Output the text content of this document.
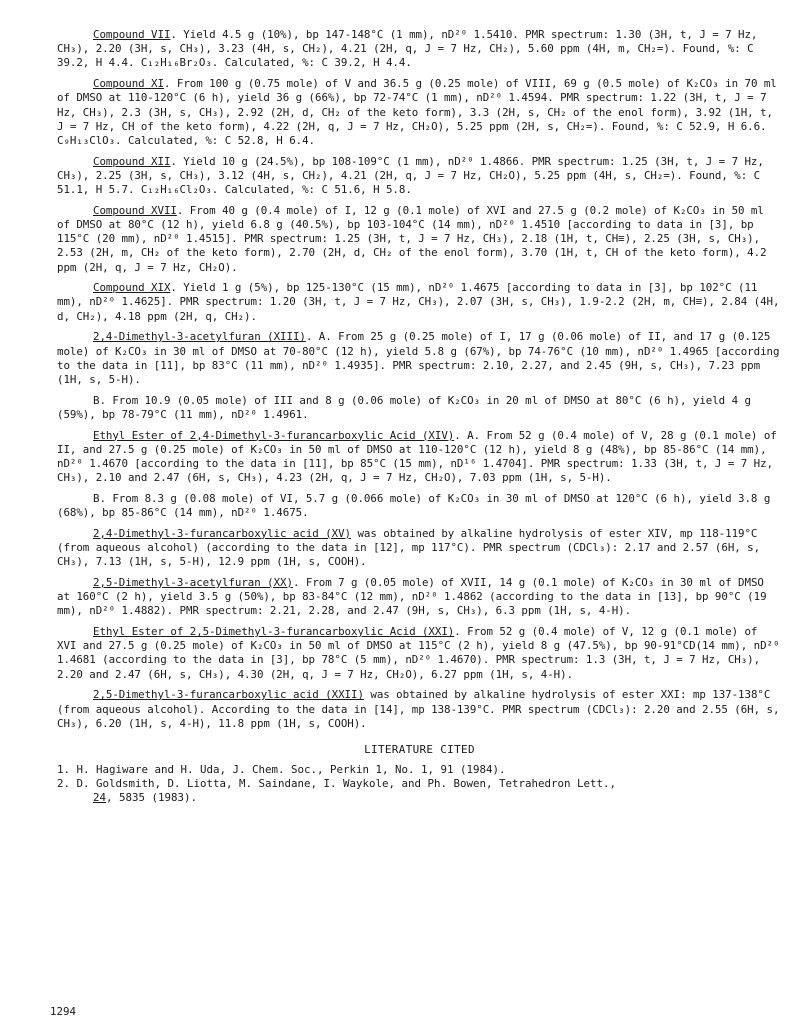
Compound VII. Yield 4.5 g (10%), bp 147-148°C (1 mm), nD²⁰ 1.5410. PMR spectrum: 1.30 (3H, t, J = 7 Hz, CH₃), 2.20 (3H, s, CH₃), 3.23 (4H, s, CH₂), 4.21 (2H, q, J = 7 Hz, CH₂), 5.60 ppm (4H, m, CH₂=). Found, %: C 39.2, H 4.4. C₁₂H₁₆Br₂O₃. Calculated, %: C 39.2, H 4.4.

Compound XI. From 100 g (0.75 mole) of V and 36.5 g (0.25 mole) of VIII, 69 g (0.5 mole) of K₂CO₃ in 70 ml of DMSO at 110-120°C (6 h), yield 36 g (66%), bp 72-74°C (1 mm), nD²⁰ 1.4594. PMR spectrum: 1.22 (3H, t, J = 7 Hz, CH₃), 2.3 (3H, s, CH₃), 2.92 (2H, d, CH₂ of the keto form), 3.3 (2H, s, CH₂ of the enol form), 3.92 (1H, t, J = 7 Hz, CH of the keto form), 4.22 (2H, q, J = 7 Hz, CH₂O), 5.25 ppm (2H, s, CH₂=). Found, %: C 52.9, H 6.6. C₉H₁₃ClO₃. Calculated, %: C 52.8, H 6.4.

Compound XII. Yield 10 g (24.5%), bp 108-109°C (1 mm), nD²⁰ 1.4866. PMR spectrum: 1.25 (3H, t, J = 7 Hz, CH₃), 2.25 (3H, s, CH₃), 3.12 (4H, s, CH₂), 4.21 (2H, q, J = 7 Hz, CH₂O), 5.25 ppm (4H, s, CH₂=). Found, %: C 51.1, H 5.7. C₁₂H₁₆Cl₂O₃. Calculated, %: C 51.6, H 5.8.

Compound XVII. From 40 g (0.4 mole) of I, 12 g (0.1 mole) of XVI and 27.5 g (0.2 mole) of K₂CO₃ in 50 ml of DMSO at 80°C (12 h), yield 6.8 g (40.5%), bp 103-104°C (14 mm), nD²⁰ 1.4510 [according to data in [3], bp 115°C (20 mm), nD²⁰ 1.4515]. PMR spectrum: 1.25 (3H, t, J = 7 Hz, CH₃), 2.18 (1H, t, CH≡), 2.25 (3H, s, CH₃), 2.53 (2H, m, CH₂ of the keto form), 2.70 (2H, d, CH₂ of the enol form), 3.70 (1H, t, CH of the keto form), 4.2 ppm (2H, q, J = 7 Hz, CH₂O).

Compound XIX. Yield 1 g (5%), bp 125-130°C (15 mm), nD²⁰ 1.4675 [according to data in [3], bp 102°C (11 mm), nD²⁰ 1.4625]. PMR spectrum: 1.20 (3H, t, J = 7 Hz, CH₃), 2.07 (3H, s, CH₃), 1.9-2.2 (2H, m, CH≡), 2.84 (4H, d, CH₂), 4.18 ppm (2H, q, CH₂).

2,4-Dimethyl-3-acetylfuran (XIII). A. From 25 g (0.25 mole) of I, 17 g (0.06 mole) of II, and 17 g (0.125 mole) of K₂CO₃ in 30 ml of DMSO at 70-80°C (12 h), yield 5.8 g (67%), bp 74-76°C (10 mm), nD²⁰ 1.4965 [according to the data in [11], bp 83°C (11 mm), nD²⁰ 1.4935]. PMR spectrum: 2.10, 2.27, and 2.45 (9H, s, CH₃), 7.23 ppm (1H, s, 5-H).

B. From 10.9 (0.05 mole) of III and 8 g (0.06 mole) of K₂CO₃ in 20 ml of DMSO at 80°C (6 h), yield 4 g (59%), bp 78-79°C (11 mm), nD²⁰ 1.4961.

Ethyl Ester of 2,4-Dimethyl-3-furancarboxylic Acid (XIV). A. From 52 g (0.4 mole) of V, 28 g (0.1 mole) of II, and 27.5 g (0.25 mole) of K₂CO₃ in 50 ml of DMSO at 110-120°C (12 h), yield 8 g (48%), bp 85-86°C (14 mm), nD²⁰ 1.4670 [according to the data in [11], bp 85°C (15 mm), nD¹⁶ 1.4704]. PMR spectrum: 1.33 (3H, t, J = 7 Hz, CH₃), 2.10 and 2.47 (6H, s, CH₃), 4.23 (2H, q, J = 7 Hz, CH₂O), 7.03 ppm (1H, s, 5-H).

B. From 8.3 g (0.08 mole) of VI, 5.7 g (0.066 mole) of K₂CO₃ in 30 ml of DMSO at 120°C (6 h), yield 3.8 g (68%), bp 85-86°C (14 mm), nD²⁰ 1.4675.

2,4-Dimethyl-3-furancarboxylic acid (XV) was obtained by alkaline hydrolysis of ester XIV, mp 118-119°C (from aqueous alcohol) (according to the data in [12], mp 117°C). PMR spectrum (CDCl₃): 2.17 and 2.57 (6H, s, CH₃), 7.13 (1H, s, 5-H), 12.9 ppm (1H, s, COOH).

2,5-Dimethyl-3-acetylfuran (XX). From 7 g (0.05 mole) of XVII, 14 g (0.1 mole) of K₂CO₃ in 30 ml of DMSO at 160°C (2 h), yield 3.5 g (50%), bp 83-84°C (12 mm), nD²⁰ 1.4862 (according to the data in [13], bp 90°C (19 mm), nD²⁰ 1.4882). PMR spectrum: 2.21, 2.28, and 2.47 (9H, s, CH₃), 6.3 ppm (1H, s, 4-H).

Ethyl Ester of 2,5-Dimethyl-3-furancarboxylic Acid (XXI). From 52 g (0.4 mole) of V, 12 g (0.1 mole) of XVI and 27.5 g (0.25 mole) of K₂CO₃ in 50 ml of DMSO at 115°C (2 h), yield 8 g (47.5%), bp 90-91°CD(14 mm), nD²⁰ 1.4681 (according to the data in [3], bp 78°C (5 mm), nD²⁰ 1.4670). PMR spectrum: 1.3 (3H, t, J = 7 Hz, CH₃), 2.20 and 2.47 (6H, s, CH₃), 4.30 (2H, q, J = 7 Hz, CH₂O), 6.27 ppm (1H, s, 4-H).

2,5-Dimethyl-3-furancarboxylic acid (XXII) was obtained by alkaline hydrolysis of ester XXI: mp 137-138°C (from aqueous alcohol). According to the data in [14], mp 138-139°C. PMR spectrum (CDCl₃): 2.20 and 2.55 (6H, s, CH₃), 6.20 (1H, s, 4-H), 11.8 ppm (1H, s, COOH).

LITERATURE CITED

1. H. Hagiware and H. Uda, J. Chem. Soc., Perkin 1, No. 1, 91 (1984).

2. D. Goldsmith, D. Liotta, M. Saindane, I. Waykole, and Ph. Bowen, Tetrahedron Lett.,
24, 5835 (1983).

1294
